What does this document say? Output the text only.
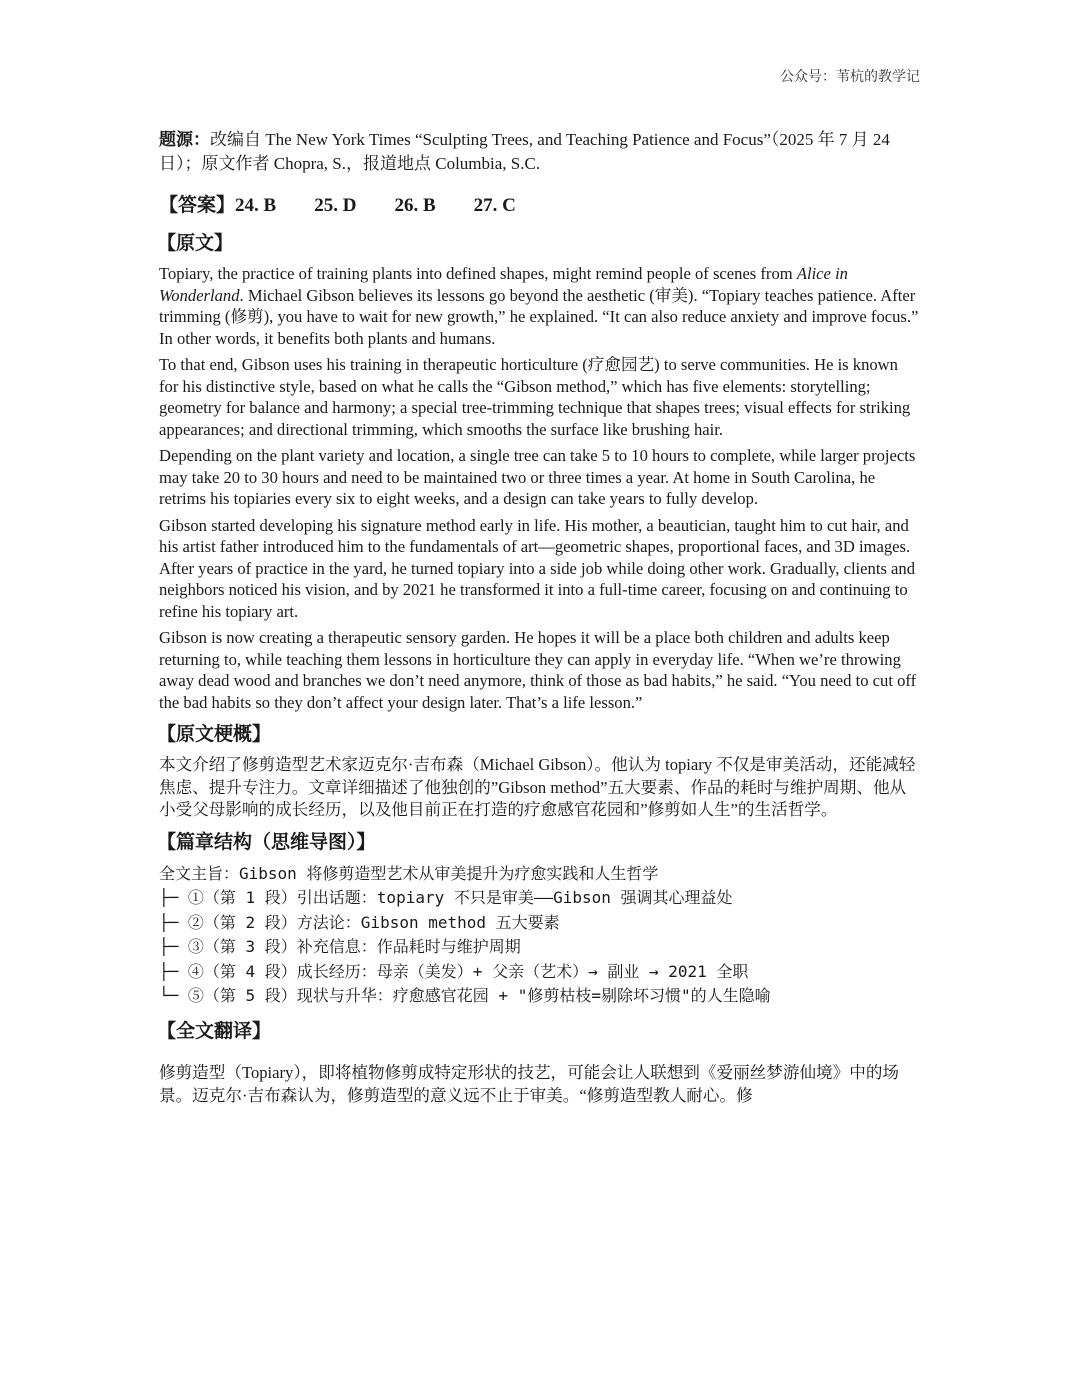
公众号：苇杭的教学记
题源：改编自 The New York Times “Sculpting Trees, and Teaching Patience and Focus”（2025 年 7 月 24 日）；原文作者 Chopra, S.，报道地点 Columbia, S.C.
【答案】24. B 25. D 26. B 27. C
【原文】

Topiary, the practice of training plants into defined shapes, might remind people of scenes from Alice in Wonderland. Michael Gibson believes its lessons go beyond the aesthetic (审美). “Topiary teaches patience. After trimming (修剪), you have to wait for new growth,” he explained. “It can also reduce anxiety and improve focus.” In other words, it benefits both plants and humans.

To that end, Gibson uses his training in therapeutic horticulture (疗愈园艺) to serve communities. He is known for his distinctive style, based on what he calls the “Gibson method,” which has five elements: storytelling; geometry for balance and harmony; a special tree-trimming technique that shapes trees; visual effects for striking appearances; and directional trimming, which smooths the surface like brushing hair.

Depending on the plant variety and location, a single tree can take 5 to 10 hours to complete, while larger projects may take 20 to 30 hours and need to be maintained two or three times a year. At home in South Carolina, he retrims his topiaries every six to eight weeks, and a design can take years to fully develop.

Gibson started developing his signature method early in life. His mother, a beautician, taught him to cut hair, and his artist father introduced him to the fundamentals of art—geometric shapes, proportional faces, and 3D images. After years of practice in the yard, he turned topiary into a side job while doing other work. Gradually, clients and neighbors noticed his vision, and by 2021 he transformed it into a full-time career, focusing on and continuing to refine his topiary art.

Gibson is now creating a therapeutic sensory garden. He hopes it will be a place both children and adults keep returning to, while teaching them lessons in horticulture they can apply in everyday life. “When we’re throwing away dead wood and branches we don’t need anymore, think of those as bad habits,” he said. “You need to cut off the bad habits so they don’t affect your design later. That’s a life lesson.”

【原文梗概】

本文介绍了修剪造型艺术家迈克尔·吉布森（Michael Gibson）。他认为 topiary 不仅是审美活动，还能减轻焦虑、提升专注力。文章详细描述了他独创的”Gibson method”五大要素、作品的耗时与维护周期、他从小受父母影响的成长经历，以及他目前正在打造的疗愈感官花园和”修剪如人生”的生活哲学。

【篇章结构（思维导图）】
全文主旨：Gibson 将修剪造型艺术从审美提升为疗愈实践和人生哲学
├─ ①（第 1 段）引出话题：topiary 不只是审美——Gibson 强调其心理益处
├─ ②（第 2 段）方法论：Gibson method 五大要素
├─ ③（第 3 段）补充信息：作品耗时与维护周期
├─ ④（第 4 段）成长经历：母亲（美发）+ 父亲（艺术）→ 副业 → 2021 全职
└─ ⑤（第 5 段）现状与升华：疗愈感官花园 + "修剪枯枝=剔除坏习惯"的人生隐喻
【全文翻译】

修剪造型（Topiary），即将植物修剪成特定形状的技艺，可能会让人联想到《爱丽丝梦游仙境》中的场景。迈克尔·吉布森认为，修剪造型的意义远不止于审美。“修剪造型教人耐心。修
